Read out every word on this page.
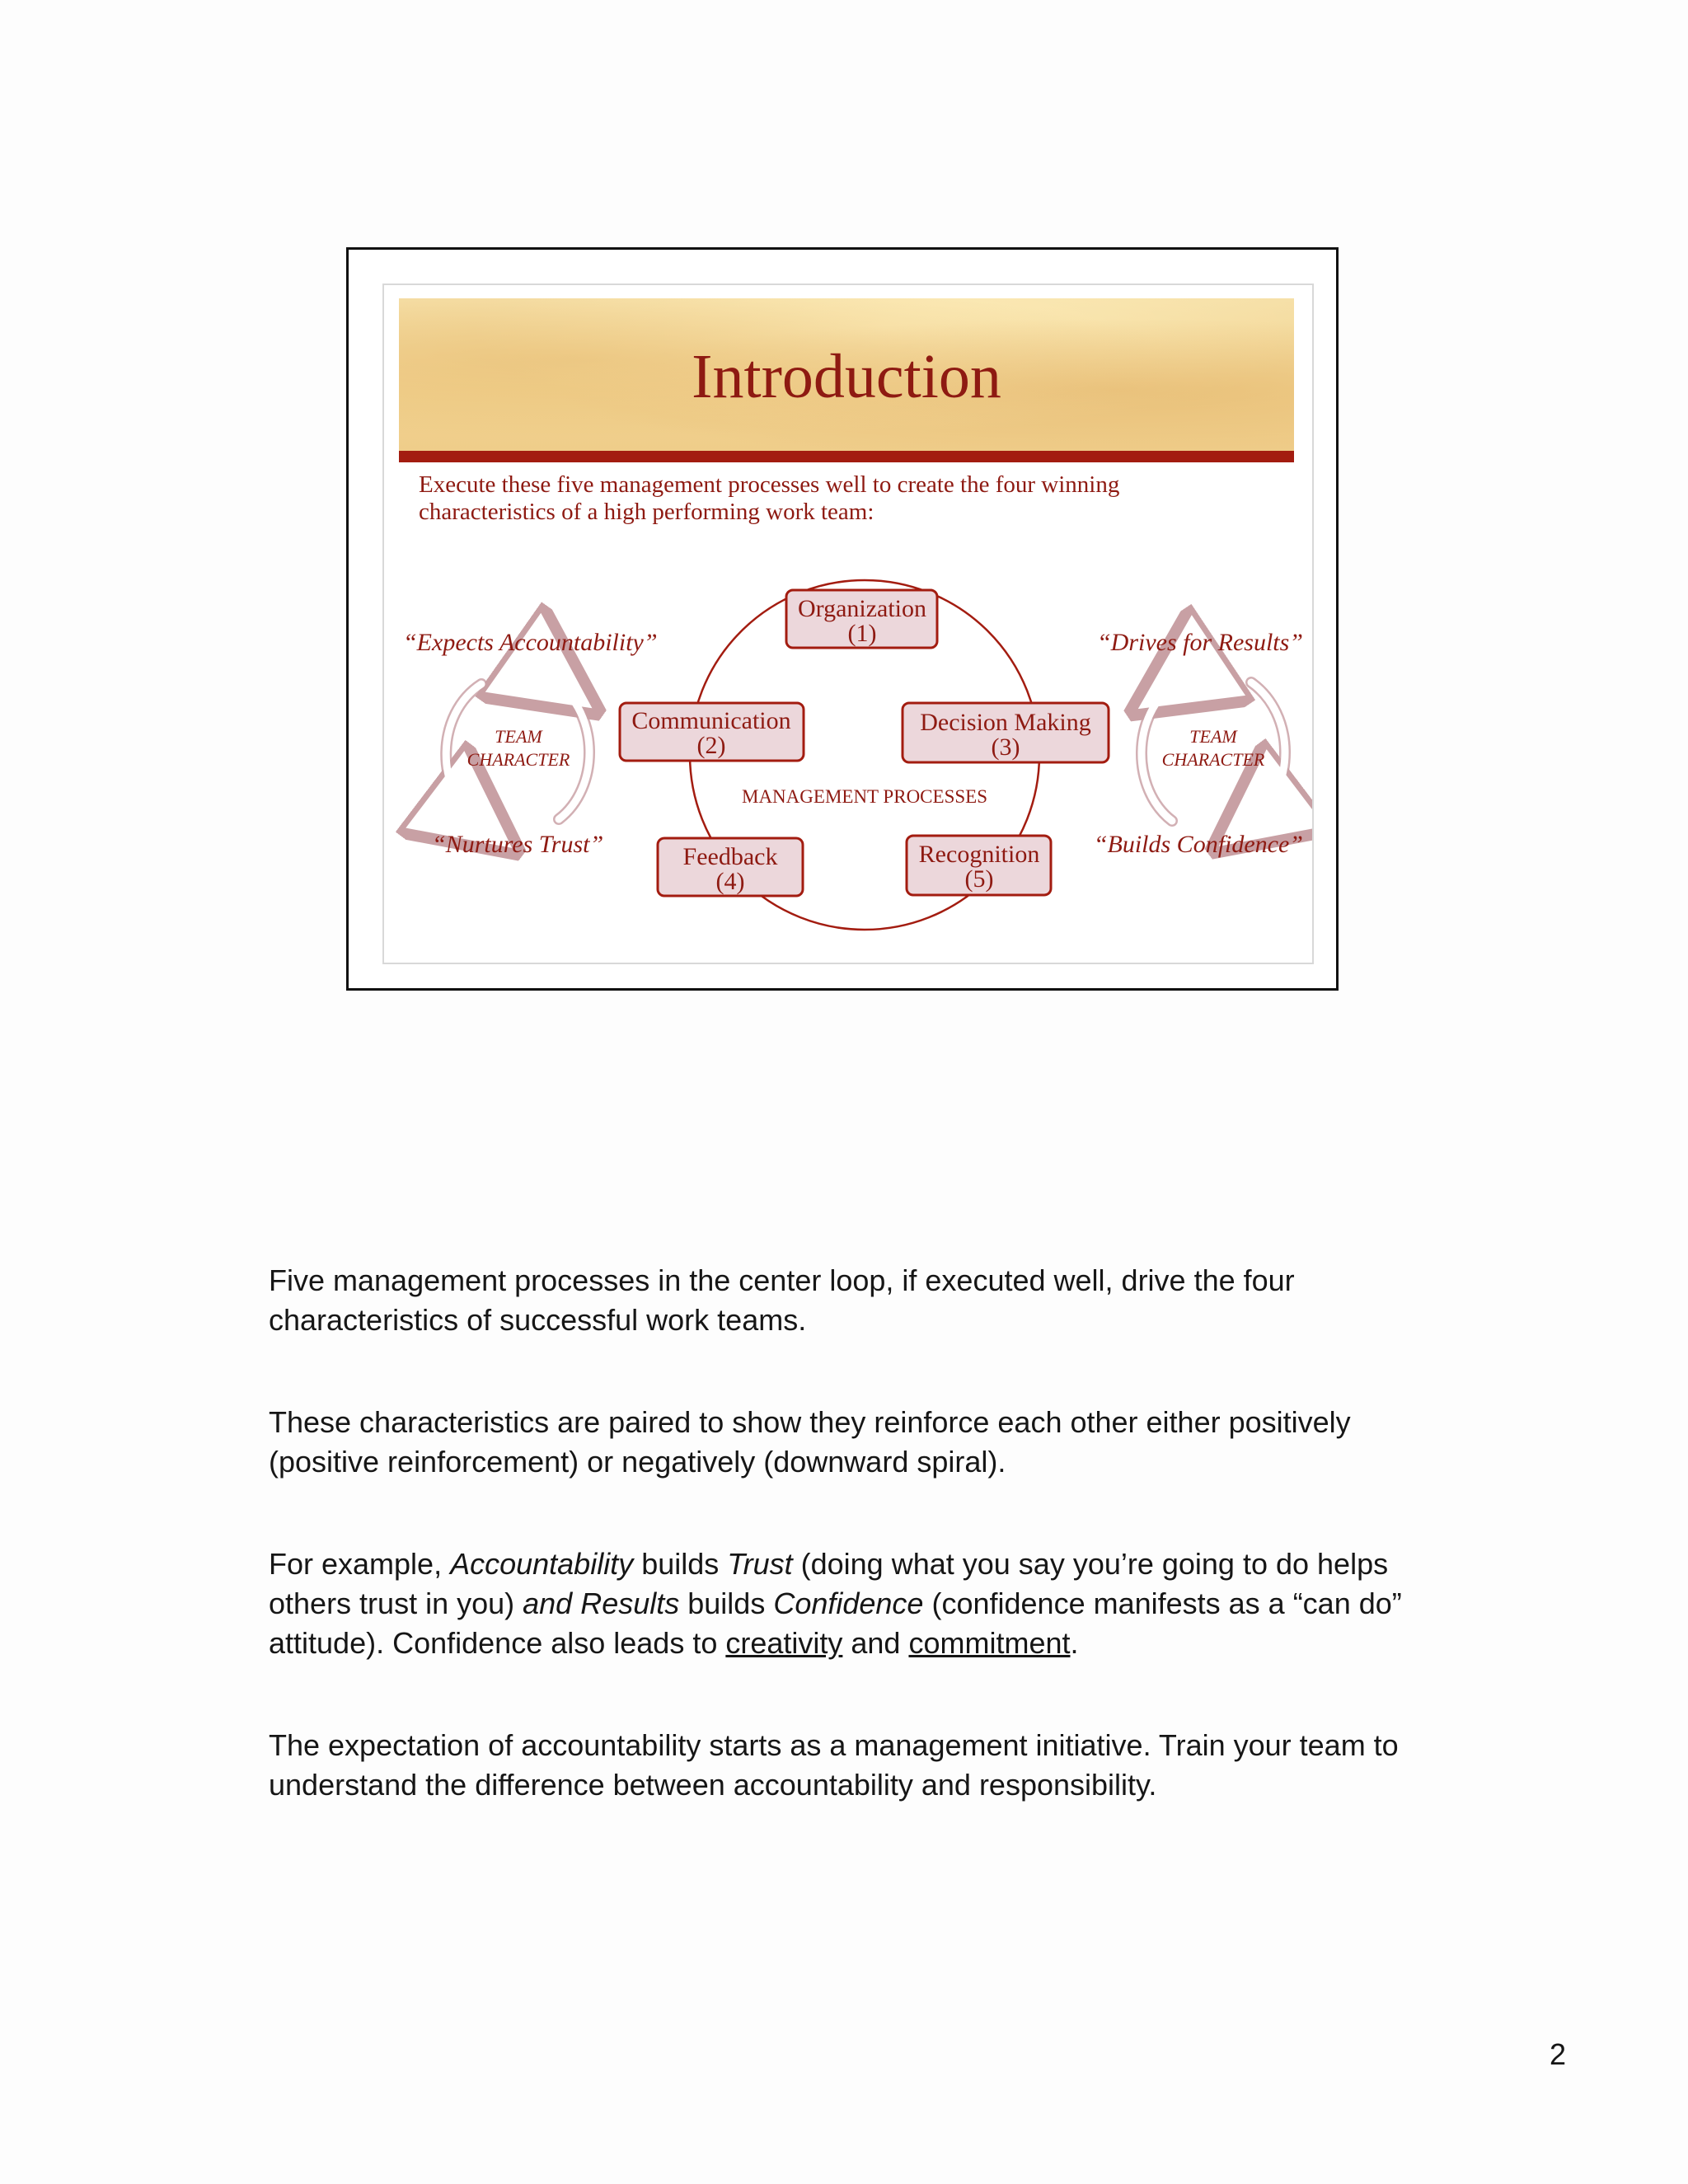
Introduction
Execute these five management processes well to create the four winning
characteristics of a high performing work team:
“Expects Accountability”
“Nurtures Trust”
“Drives for Results”
“Builds Confidence”
TEAM
CHARACTER
TEAM
CHARACTER
MANAGEMENT PROCESSES
Organization
(1)
Communication
(2)
Decision Making
(3)
Feedback
(4)
Recognition
(5)

Five management processes in the center loop, if executed well, drive the four characteristics of successful work teams.

These characteristics are paired to show they reinforce each other either positively (positive reinforcement) or negatively (downward spiral).

For example, Accountability builds Trust (doing what you say you’re going to do helps others trust in you) and Results builds Confidence (confidence manifests as a “can do” attitude). Confidence also leads to creativity and commitment.

The expectation of accountability starts as a management initiative. Train your team to understand the difference between accountability and responsibility.

2
